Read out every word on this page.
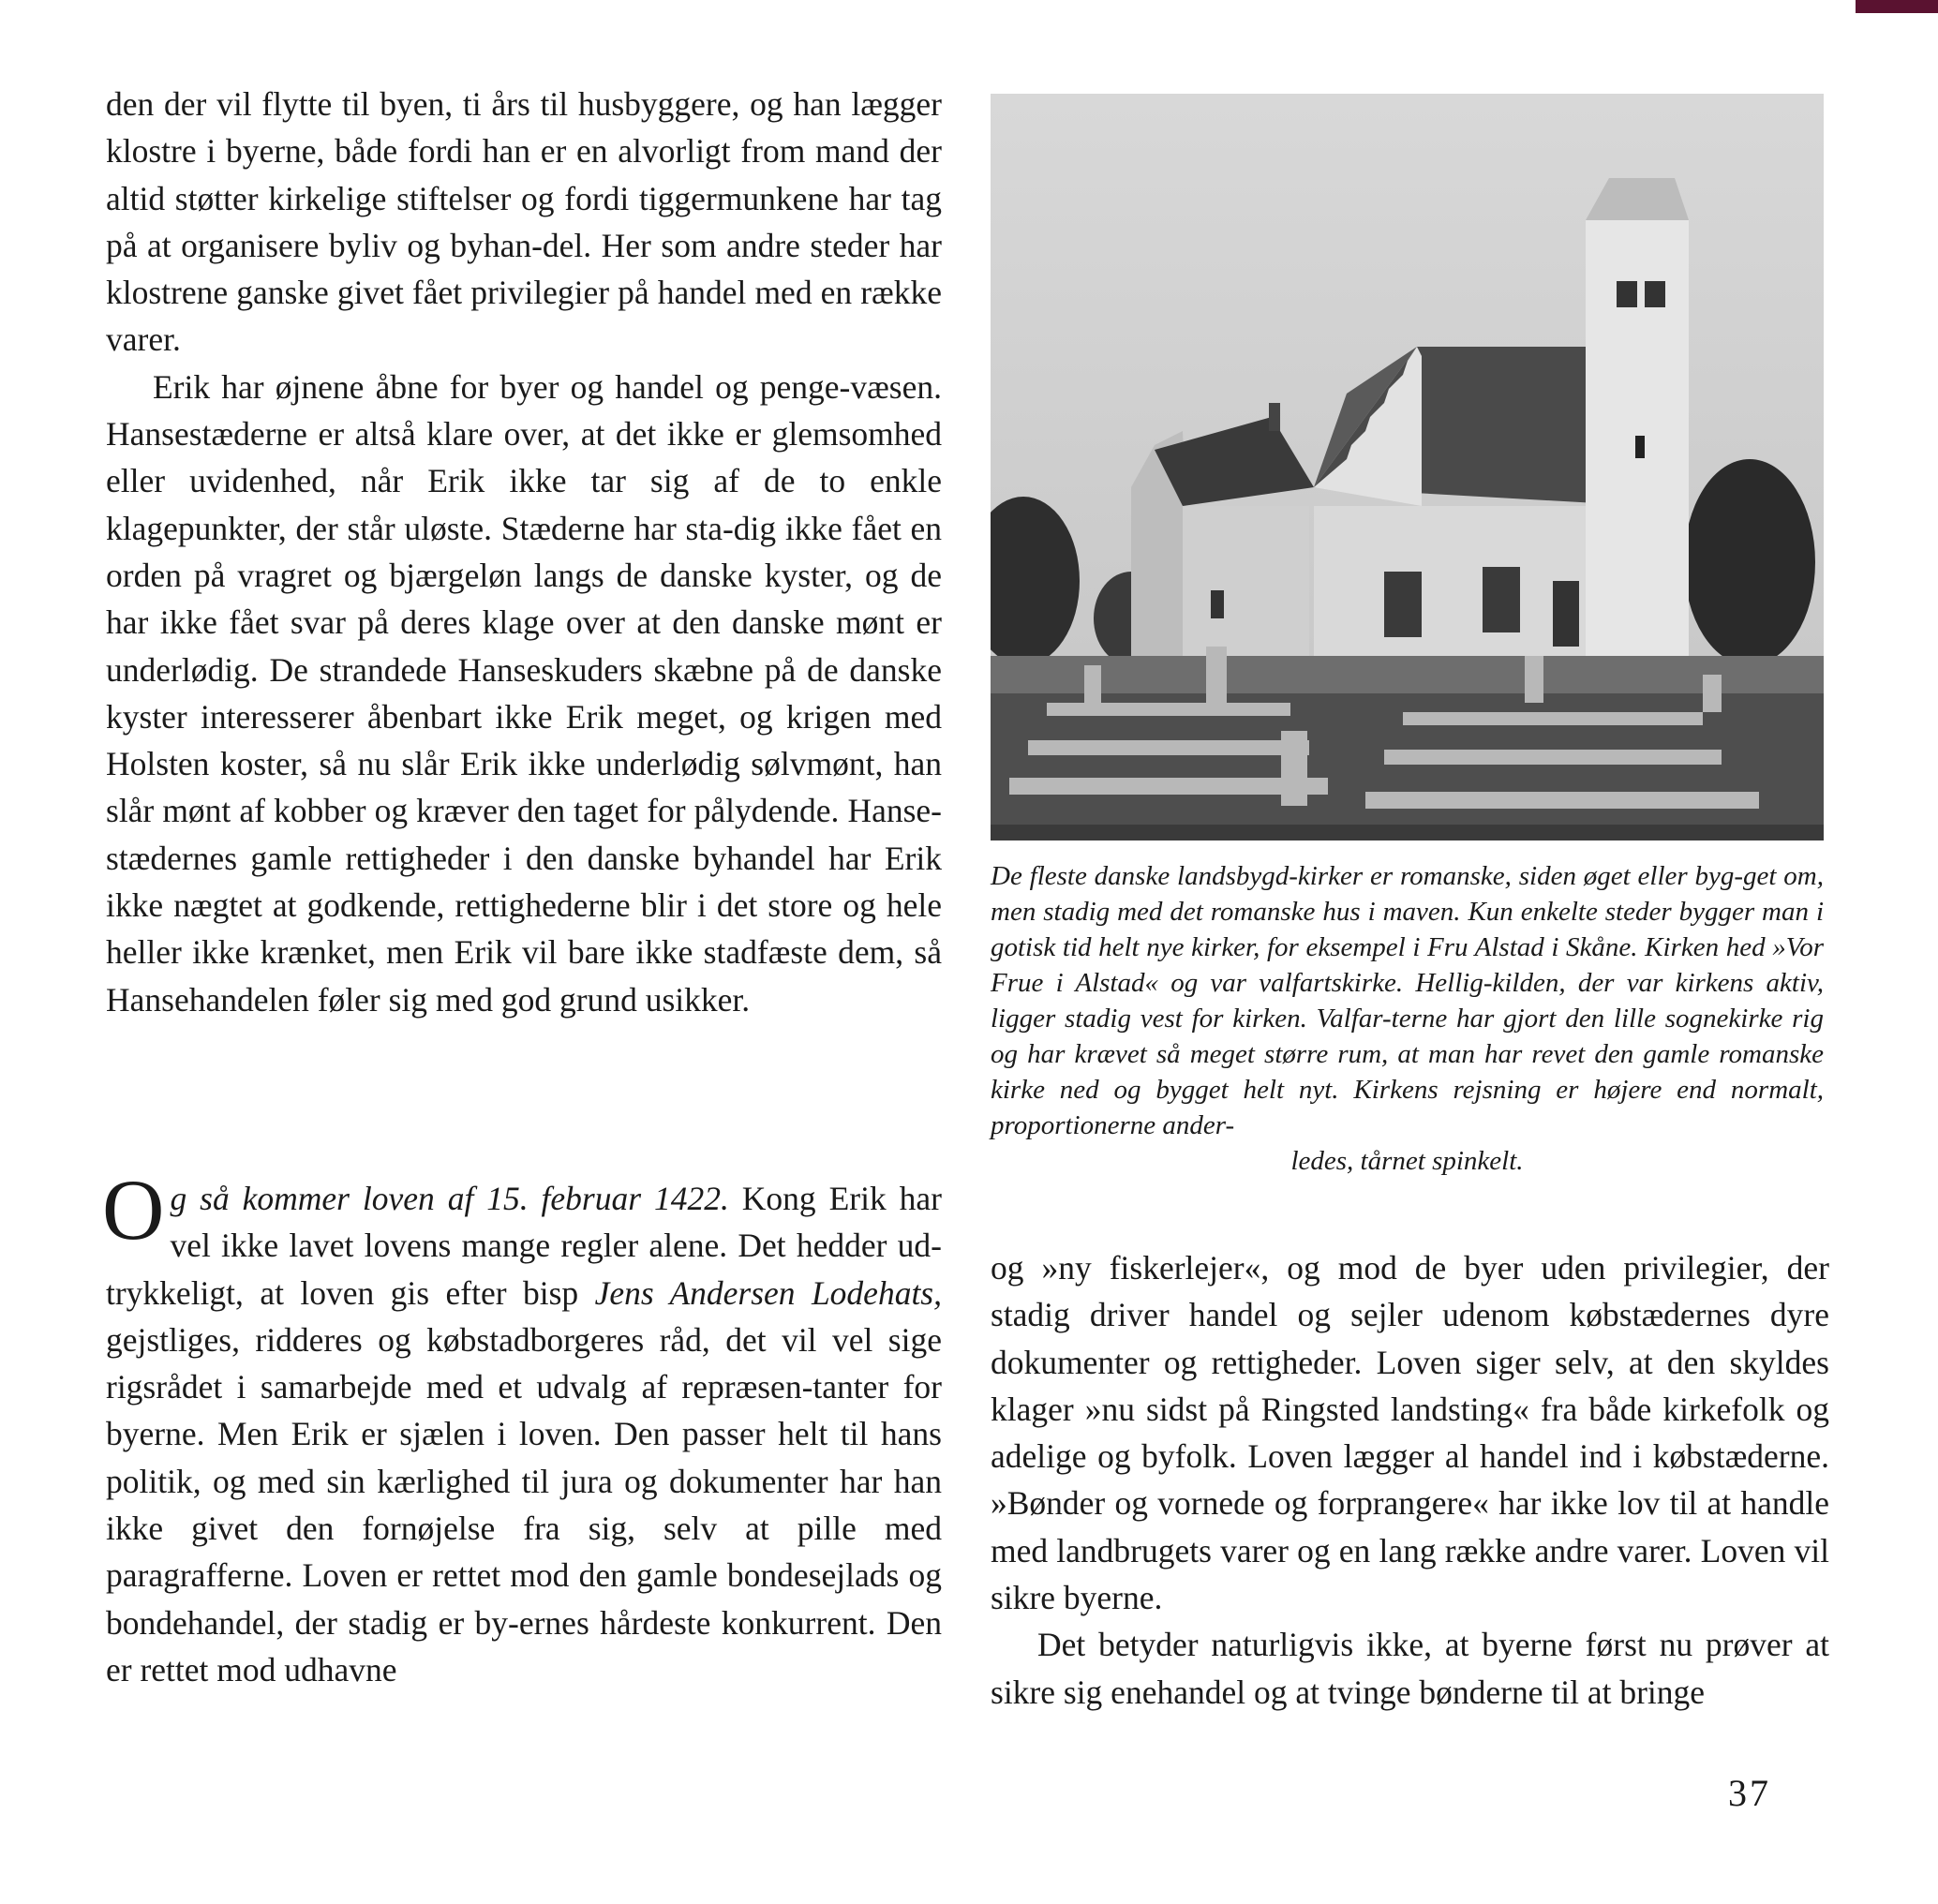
den der vil flytte til byen, ti års til husbyggere, og han lægger klostre i byerne, både fordi han er en alvorligt from mand der altid støtter kirkelige stiftelser og fordi tiggermunkene har tag på at organisere byliv og byhan-del. Her som andre steder har klostrene ganske givet fået privilegier på handel med en række varer.

Erik har øjnene åbne for byer og handel og penge-væsen. Hansestæderne er altså klare over, at det ikke er glemsomhed eller uvidenhed, når Erik ikke tar sig af de to enkle klagepunkter, der står uløste. Stæderne har sta-dig ikke fået en orden på vragret og bjærgeløn langs de danske kyster, og de har ikke fået svar på deres klage over at den danske mønt er underlødig. De strandede Hanseskuders skæbne på de danske kyster interesserer åbenbart ikke Erik meget, og krigen med Holsten koster, så nu slår Erik ikke underlødig sølvmønt, han slår mønt af kobber og kræver den taget for pålydende. Hanse-stædernes gamle rettigheder i den danske byhandel har Erik ikke nægtet at godkende, rettighederne blir i det store og hele heller ikke krænket, men Erik vil bare ikke stadfæste dem, så Hansehandelen føler sig med god grund usikker.

Og så kommer loven af 15. februar 1422. Kong Erik har vel ikke lavet lovens mange regler alene. Det hedder ud-trykkeligt, at loven gis efter bisp Jens Andersen Lodehats, gejstliges, ridderes og købstadborgeres råd, det vil vel sige rigsrådet i samarbejde med et udvalg af repræsen-tanter for byerne. Men Erik er sjælen i loven. Den passer helt til hans politik, og med sin kærlighed til jura og dokumenter har han ikke givet den fornøjelse fra sig, selv at pille med paragrafferne. Loven er rettet mod den gamle bondesejlads og bondehandel, der stadig er by-ernes hårdeste konkurrent. Den er rettet mod udhavne

De fleste danske landsbygd-kirker er romanske, siden øget eller byg-get om, men stadig med det romanske hus i maven. Kun enkelte steder bygger man i gotisk tid helt nye kirker, for eksempel i Fru Alstad i Skåne. Kirken hed »Vor Frue i Alstad« og var valfartskirke. Hellig-kilden, der var kirkens aktiv, ligger stadig vest for kirken. Valfar-terne har gjort den lille sognekirke rig og har krævet så meget større rum, at man har revet den gamle romanske kirke ned og bygget helt nyt. Kirkens rejsning er højere end normalt, proportionerne ander-
ledes, tårnet spinkelt.

og »ny fiskerlejer«, og mod de byer uden privilegier, der stadig driver handel og sejler udenom købstædernes dyre dokumenter og rettigheder. Loven siger selv, at den skyldes klager »nu sidst på Ringsted landsting« fra både kirkefolk og adelige og byfolk. Loven lægger al handel ind i købstæderne. »Bønder og vornede og forprangere« har ikke lov til at handle med landbrugets varer og en lang række andre varer. Loven vil sikre byerne.

Det betyder naturligvis ikke, at byerne først nu prøver at sikre sig enehandel og at tvinge bønderne til at bringe

37
